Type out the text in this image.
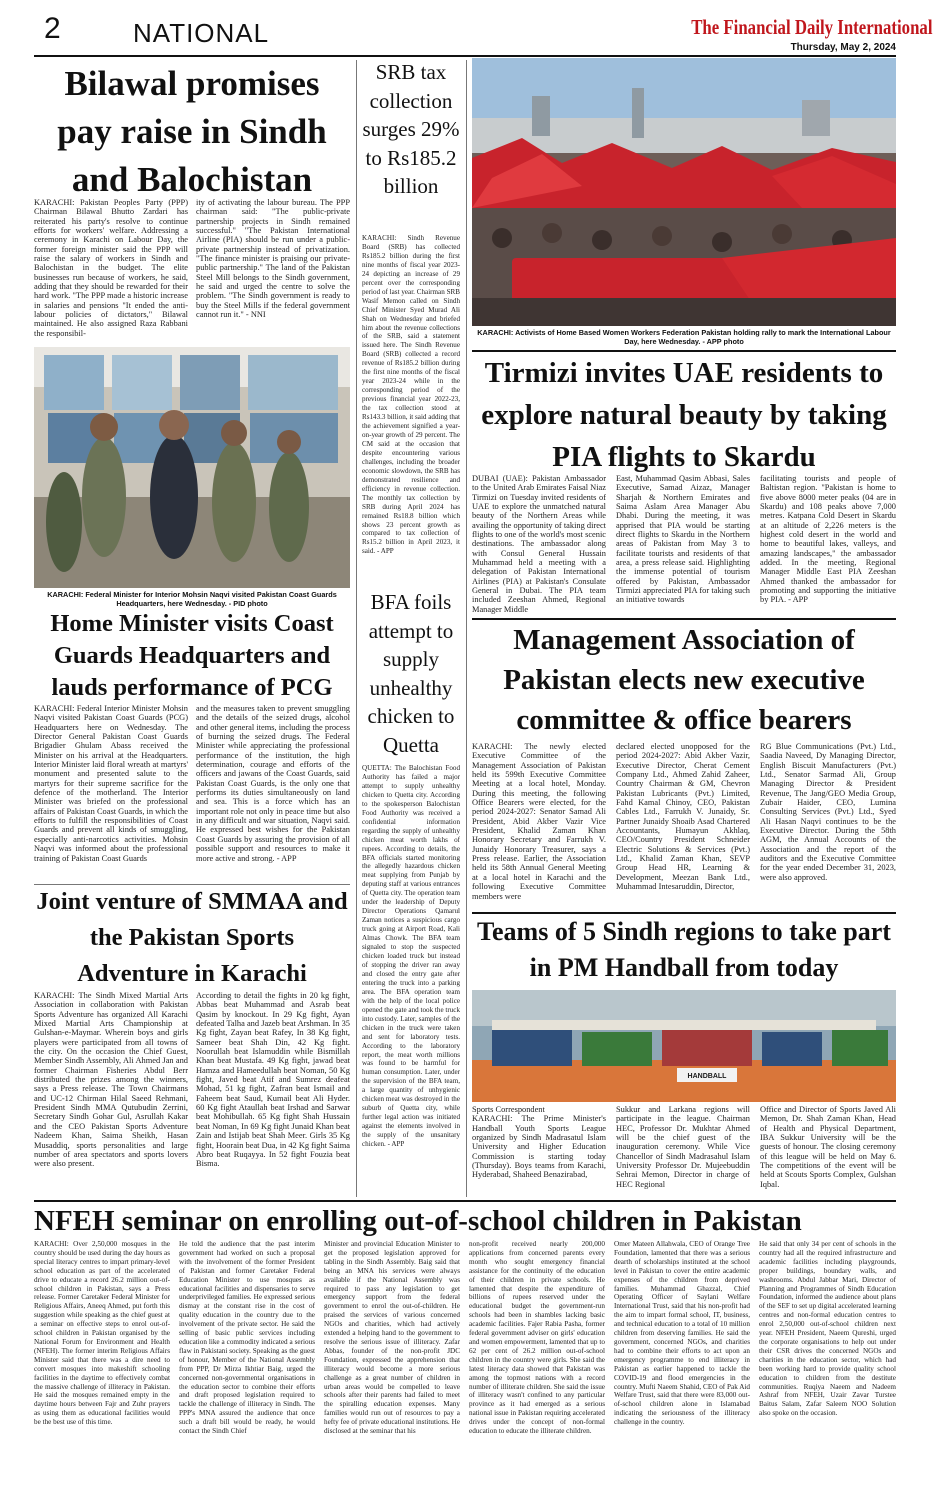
2	NATIONAL	The Financial Daily International
Thursday, May 2, 2024
Bilawal promises pay raise in Sindh and Balochistan
KARACHI: Pakistan Peoples Party (PPP) Chairman Bilawal Bhutto Zardari has reiterated his party's resolve to continue efforts for workers' welfare. Addressing a ceremony in Karachi on Labour Day, the former foreign minister said the PPP will raise the salary of workers in Sindh and Balochistan in the budget. The elite businesses run because of workers, he said, adding that they should be rewarded for their hard work. "The PPP made a historic increase in salaries and pensions "It ended the anti-labour policies of dictators," Bilawal maintained. He also assigned Raza Rabbani the responsibil-
ity of activating the labour bureau. The PPP chairman said: "The public-private partnership projects in Sindh remained successful." "The Pakistan International Airline (PIA) should be run under a public-private partnership instead of privatization. "The finance minister is praising our private-public partnership." The land of the Pakistan Steel Mill belongs to the Sindh government, he said and urged the centre to solve the problem. "The Sindh government is ready to buy the Steel Mills if the federal government cannot run it." - NNI
KARACHI: Federal Minister for Interior Mohsin Naqvi visited Pakistan Coast Guards Headquarters, here Wednesday. - PID photo
Home Minister visits Coast Guards Headquarters and lauds performance of PCG
KARACHI: Federal Interior Minister Mohsin Naqvi visited Pakistan Coast Guards (PCG) Headquarters here on Wednesday. The Director General Pakistan Coast Guards Brigadier Ghulam Abass received the Minister on his arrival at the Headquarters. Interior Minister laid floral wreath at martyrs' monument and presented salute to the martyrs for their supreme sacrifice for the defence of the motherland. The Interior Minister was briefed on the professional affairs of Pakistan Coast Guards, in which the efforts to fulfill the responsibilities of Coast Guards and prevent all kinds of smuggling, especially anti-narcotics activities. Mohsin Naqvi was informed about the professional training of Pakistan Coast Guards
and the measures taken to prevent smuggling and the details of the seized drugs, alcohol and other general items, including the process of burning the seized drugs. The Federal Minister while appreciating the professional performance of the institution, the high determination, courage and efforts of the officers and jawans of the Coast Guards, said Pakistan Coast Guards, is the only one that performs its duties simultaneously on land and sea. This is a force which has an important role not only in peace time but also in any difficult and war situation, Naqvi said. He expressed best wishes for the Pakistan Coast Guards by assuring the provision of all possible support and resources to make it more active and strong. - APP
Joint venture of SMMAA and the Pakistan Sports Adventure in Karachi
KARACHI: The Sindh Mixed Martial Arts Association in collaboration with Pakistan Sports Adventure has organized All Karachi Mixed Martial Arts Championship at Gulshan-e-Maymar. Wherein boys and girls players were participated from all towns of the city. On the occasion the Chief Guest, Member Sindh Assembly, Ali Ahmed Jan and former Chairman Fisheries Abdul Berr distributed the prizes among the winners, says a Press release. The Town Chairmans and UC-12 Chirman Hilal Saeed Rehmani, President Sindh MMA Qutubudin Zerrini, Secretary Sindh Gohar Gul, Asrullah Kakar and the CEO Pakistan Sports Adventure Nadeem Khan, Saima Sheikh, Hasan Musaddiq, sports personalities and large number of area spectators and sports lovers were also present.
According to detail the fights in 20 kg fight, Abbas beat Muhammad and Asrab beat Qasim by knockout. In 29 Kg fight, Ayan defeated Talha and Jazeb beat Arshman. In 35 Kg fight, Zayan beat Rafey, In 38 Kg fight, Sameer beat Shah Din, 42 Kg fight. Noorullah beat Islamuddin while Bismillah Khan beat Mustafa. 49 Kg fight, jawad beat Hamza and Hameedullah beat Noman, 50 Kg fight, Javed beat Atif and Sumrez deafeat Mohad, 51 kg fight, Zafran beat Ismail and Faheem beat Saud, Kumail beat Ali Hyder. 60 Kg fight Ataullah beat Irshad and Sarwar beat Mohibullah. 65 Kg fight Shah Hussain beat Noman, In 69 Kg fight Junaid Khan beat Zain and Istijab beat Shah Meer. Girls 35 Kg fight, Hoorain beat Dua, in 42 Kg fight Saima Abro beat Ruqayya. In 52 fight Fouzia beat Bisma.
SRB tax collection surges 29% to Rs185.2 billion
KARACHI: Sindh Revenue Board (SRB) has collected Rs185.2 billion during the first nine months of fiscal year 2023-24 depicting an increase of 29 percent over the corresponding period of last year. Chairman SRB Wasif Memon called on Sindh Chief Minister Syed Murad Ali Shah on Wednesday and briefed him about the revenue collections of the SRB, said a statement issued here. The Sindh Revenue Board (SRB) collected a record revenue of Rs185.2 billion during the first nine months of the fiscal year 2023-24 while in the corresponding period of the previous financial year 2022-23, the tax collection stood at Rs143.3 billion, it said adding that the achievement signified a year-on-year growth of 29 percent. The CM said at the occasion that despite encountering various challenges, including the broader economic slowdown, the SRB has demonstrated resilience and efficiency in revenue collection. The monthly tax collection by SRB during April 2024 has remained Rs18.8 billion which shows 23 percent growth as compared to tax collection of Rs15.2 billion in April 2023, it said. - APP
BFA foils attempt to supply unhealthy chicken to Quetta
QUETTA: The Balochistan Food Authority has failed a major attempt to supply unhealthy chicken to Quetta city. According to the spokesperson Balochistan Food Authority was received a confidential information regarding the supply of unhealthy chicken meat worth lakhs of rupees. According to details, the BFA officials started monitoring the allegedly hazardous chicken meat supplying from Punjab by deputing staff at various entrances of Quetta city. The operation team under the leadership of Deputy Director Operations Qamarul Zaman notices a suspicious cargo truck going at Airport Road, Kali Almas Chowk. The BFA team signaled to stop the suspected chicken loaded truck but instead of stopping the driver ran away and closed the entry gate after entering the truck into a parking area. The BFA operation team with the help of the local police opened the gate and took the truck into custody. Later, samples of the chicken in the truck were taken and sent for laboratory tests. According to the laboratory report, the meat worth millions was found to be harmful for human consumption. Later, under the supervision of the BFA team, a large quantity of unhygienic chicken meat was destroyed in the suburb of Quetta city, while further legal action was initiated against the elements involved in the supply of the unsanitary chicken. - APP
KARACHI: Activists of Home Based Women Workers Federation Pakistan holding rally to mark the International Labour Day, here Wednesday. - APP photo
Tirmizi invites UAE residents to explore natural beauty by taking PIA flights to Skardu
DUBAI (UAE): Pakistan Ambassador to the United Arab Emirates Faisal Niaz Tirmizi on Tuesday invited residents of UAE to explore the unmatched natural beauty of the Northern Areas while availing the opportunity of taking direct flights to one of the world's most scenic destinations. The ambassador along with Consul General Hussain Muhammad held a meeting with a delegation of Pakistan International Airlines (PIA) at Pakistan's Consulate General in Dubai. The PIA team included Zeeshan Ahmed, Regional Manager Middle
East, Muhammad Qasim Abbasi, Sales Executive, Samad Aizaz, Manager Sharjah & Northern Emirates and Saima Aslam Area Manager Abu Dhabi. During the meeting, it was apprised that PIA would be starting direct flights to Skardu in the Northern areas of Pakistan from May 3 to facilitate tourists and residents of that area, a press release said. Highlighting the immense potential of tourism offered by Pakistan, Ambassador Tirmizi appreciated PIA for taking such an initiative towards
facilitating tourists and people of Baltistan region. "Pakistan is home to five above 8000 meter peaks (04 are in Skardu) and 108 peaks above 7,000 metres. Katpana Cold Desert in Skardu at an altitude of 2,226 meters is the highest cold desert in the world and home to beautiful lakes, valleys, and amazing landscapes," the ambassador added. In the meeting, Regional Manager Middle East PIA Zeeshan Ahmed thanked the ambassador for promoting and supporting the initiative by PIA. - APP
Management Association of Pakistan elects new executive committee & office bearers
KARACHI: The newly elected Executive Committee of the Management Association of Pakistan held its 599th Executive Committee Meeting at a local hotel, Monday. During this meeting, the following Office Bearers were elected, for the period 2024-2027: Senator Samad Ali President, Abid Akber Vazir Vice President, Khalid Zaman Khan Honorary Secretary and Farrukh V. Junaidy Honorary Treasurer, says a Press release. Earlier, the Association held its 58th Annual General Meeting at a local hotel in Karachi and the following Executive Committee members were
declared elected unopposed for the period 2024-2027: Abid Akber Vazir, Executive Director, Cherat Cement Company Ltd., Ahmed Zahid Zaheer, Country Chairman & GM, Chevron Pakistan Lubricants (Pvt.) Limited, Fahd Kamal Chinoy, CEO, Pakistan Cables Ltd., Farrukh V. Junaidy, Sr. Partner Junaidy Shoaib Asad Chartered Accountants, Humayun Akhlaq, CEO/Country President Schneider Electric Solutions & Services (Pvt.) Ltd., Khalid Zaman Khan, SEVP Group Head HR, Learning & Development, Meezan Bank Ltd., Muhammad Intesaruddin, Director,
RG Blue Communications (Pvt.) Ltd., Saadia Naveed, Dy Managing Director, English Biscuit Manufacturers (Pvt.) Ltd., Senator Sarmad Ali, Group Managing Director & President Revenue, The Jang/GEO Media Group, Zubair Haider, CEO, Lumina Consulting Services (Pvt.) Ltd., Syed Ali Hasan Naqvi continues to be the Executive Director. During the 58th AGM, the Annual Accounts of the Association and the report of the auditors and the Executive Committee for the year ended December 31, 2023, were also approved.
Teams of 5 Sindh regions to take part in PM Handball from today
HANDBALL
Sports Correspondent
KARACHI: The Prime Minister's Handball Youth Sports League organized by Sindh Madrasatul Islam University and Higher Education Commission is starting today (Thursday). Boys teams from Karachi, Hyderabad, Shaheed Benazirabad,
Sukkur and Larkana regions will participate in the league. Chairman HEC, Professor Dr. Mukhtar Ahmed will be the chief guest of the inauguration ceremony. While Vice Chancellor of Sindh Madrasahul Islam University Professor Dr. Mujeebuddin Sehrai Memon, Director in charge of HEC Regional
Office and Director of Sports Javed Ali Memon, Dr. Shah Zaman Khan, Head of Health and Physical Department, IBA Sukkur University will be the guests of honour. The closing ceremony of this league will be held on May 6. The competitions of the event will be held at Scouts Sports Complex, Gulshan Iqbal.
NFEH seminar on enrolling out-of-school children in Pakistan
KARACHI: Over 2,50,000 mosques in the country should be used during the day hours as special literacy centres to impart primary-level school education as part of the accelerated drive to educate a record 26.2 million out-of-school children in Pakistan, says a Press release. Former Caretaker Federal Minister for Religious Affairs, Aneeq Ahmed, put forth this suggestion while speaking as the chief guest at a seminar on effective steps to enrol out-of-school children in Pakistan organised by the National Forum for Environment and Health (NFEH). The former interim Religious Affairs Minister said that there was a dire need to convert mosques into makeshift schooling facilities in the daytime to effectively combat the massive challenge of illiteracy in Pakistan. He said the mosques remained empty in the daytime hours between Fajr and Zuhr prayers as using them as educational facilities would be the best use of this time.
He told the audience that the past interim government had worked on such a proposal with the involvement of the former President of Pakistan and former Caretaker Federal Education Minister to use mosques as educational facilities and dispensaries to serve underprivileged families. He expressed serious dismay at the constant rise in the cost of quality education in the country due to the involvement of the private sector. He said the selling of basic public services including education like a commodity indicated a serious flaw in Pakistani society. Speaking as the guest of honour, Member of the National Assembly from PPP, Dr Mirza Ikhtiar Baig, urged the concerned non-governmental organisations in the education sector to combine their efforts and draft proposed legislation required to tackle the challenge of illiteracy in Sindh. The PPP's MNA assured the audience that once such a draft bill would be ready, he would contact the Sindh Chief
Minister and provincial Education Minister to get the proposed legislation approved for tabling in the Sindh Assembly. Baig said that being an MNA his services were always available if the National Assembly was required to pass any legislation to get emergency support from the federal government to enrol the out-of-children. He praised the services of various concerned NGOs and charities, which had actively extended a helping hand to the government to resolve the serious issue of illiteracy. Zafar Abbas, founder of the non-profit JDC Foundation, expressed the apprehension that illiteracy would become a more serious challenge as a great number of children in urban areas would be compelled to leave schools after their parents had failed to meet the spiralling education expenses. Many families would run out of resources to pay a hefty fee of private educational institutions. He disclosed at the seminar that his
non-profit received nearly 200,000 applications from concerned parents every month who sought emergency financial assistance for the continuity of the education of their children in private schools. He lamented that despite the expenditure of billions of rupees reserved under the educational budget the government-run schools had been in shambles lacking basic academic facilities. Fajer Rabia Pasha, former federal government adviser on girls' education and women empowerment, lamented that up to 62 per cent of 26.2 million out-of-school children in the country were girls. She said the latest literacy data showed that Pakistan was among the topmost nations with a record number of illiterate children. She said the issue of illiteracy wasn't confined to any particular province as it had emerged as a serious national issue in Pakistan requiring accelerated drives under the concept of non-formal education to educate the illiterate children.
Omer Mateen Allahwala, CEO of Orange Tree Foundation, lamented that there was a serious dearth of scholarships instituted at the school level in Pakistan to cover the entire academic expenses of the children from deprived families. Muhammad Ghazzal, Chief Operating Officer of Saylani Welfare International Trust, said that his non-profit had the aim to impart formal school, IT, business, and technical education to a total of 10 million children from deserving families. He said the government, concerned NGOs, and charities had to combine their efforts to act upon an emergency programme to end illiteracy in Pakistan as earlier happened to tackle the COVID-19 and flood emergencies in the country. Mufti Naeem Shahid, CEO of Pak Aid Welfare Trust, said that there were 83,000 out-of-school children alone in Islamabad indicating the seriousness of the illiteracy challenge in the country.
He said that only 34 per cent of schools in the country had all the required infrastructure and academic facilities including playgrounds, proper buildings, boundary walls, and washrooms. Abdul Jabbar Mari, Director of Planning and Programmes of Sindh Education Foundation, informed the audience about plans of the SEF to set up digital accelerated learning centres and non-formal education centres to enrol 2,50,000 out-of-school children next year. NFEH President, Naeem Qureshi, urged the corporate organisations to help out under their CSR drives the concerned NGOs and charities in the education sector, which had been working hard to provide quality school education to children from the destitute communities. Ruqiya Naeem and Nadeem Ashraf from NFEH, Uzair Zavar Turstee Baitus Salam, Zafar Saleem NOO Solution also spoke on the occasion.
